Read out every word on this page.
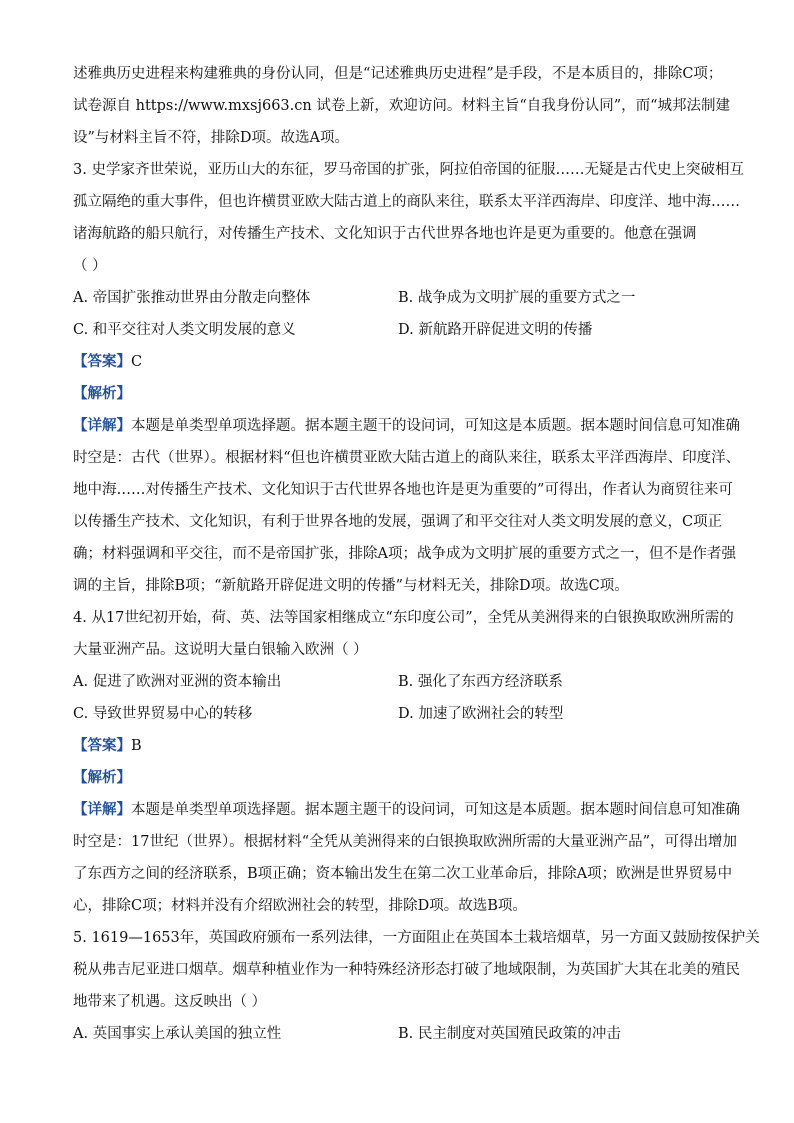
述雅典历史进程来构建雅典的身份认同，但是“记述雅典历史进程”是手段，不是本质目的，排除C项；
试卷源自 https://www.mxsj663.cn 试卷上新，欢迎访问。材料主旨“自我身份认同”，而“城邦法制建
设”与材料主旨不符，排除D项。故选A项。
3. 史学家齐世荣说，亚历山大的东征，罗马帝国的扩张，阿拉伯帝国的征服……无疑是古代史上突破相互
孤立隔绝的重大事件，但也许横贯亚欧大陆古道上的商队来往，联系太平洋西海岸、印度洋、地中海……
诸海航路的船只航行，对传播生产技术、文化知识于古代世界各地也许是更为重要的。他意在强调
（ ）
A. 帝国扩张推动世界由分散走向整体	B. 战争成为文明扩展的重要方式之一
C. 和平交往对人类文明发展的意义	D. 新航路开辟促进文明的传播
【答案】C
【解析】
【详解】本题是单类型单项选择题。据本题主题干的设问词，可知这是本质题。据本题时间信息可知准确
时空是：古代（世界）。根据材料“但也许横贯亚欧大陆古道上的商队来往，联系太平洋西海岸、印度洋、
地中海……对传播生产技术、文化知识于古代世界各地也许是更为重要的”可得出，作者认为商贸往来可
以传播生产技术、文化知识，有利于世界各地的发展，强调了和平交往对人类文明发展的意义，C项正
确；材料强调和平交往，而不是帝国扩张，排除A项；战争成为文明扩展的重要方式之一，但不是作者强
调的主旨，排除B项；“新航路开辟促进文明的传播”与材料无关，排除D项。故选C项。
4. 从17世纪初开始，荷、英、法等国家相继成立“东印度公司”，全凭从美洲得来的白银换取欧洲所需的
大量亚洲产品。这说明大量白银输入欧洲（ ）
A. 促进了欧洲对亚洲的资本输出	B. 强化了东西方经济联系
C. 导致世界贸易中心的转移	D. 加速了欧洲社会的转型
【答案】B
【解析】
【详解】本题是单类型单项选择题。据本题主题干的设问词，可知这是本质题。据本题时间信息可知准确
时空是：17世纪（世界）。根据材料“全凭从美洲得来的白银换取欧洲所需的大量亚洲产品”，可得出增加
了东西方之间的经济联系，B项正确；资本输出发生在第二次工业革命后，排除A项；欧洲是世界贸易中
心，排除C项；材料并没有介绍欧洲社会的转型，排除D项。故选B项。
5. 1619—1653年，英国政府颁布一系列法律，一方面阻止在英国本土栽培烟草，另一方面又鼓励按保护关
税从弗吉尼亚进口烟草。烟草种植业作为一种特殊经济形态打破了地域限制，为英国扩大其在北美的殖民
地带来了机遇。这反映出（ ）
A. 英国事实上承认美国的独立性	B. 民主制度对英国殖民政策的冲击
